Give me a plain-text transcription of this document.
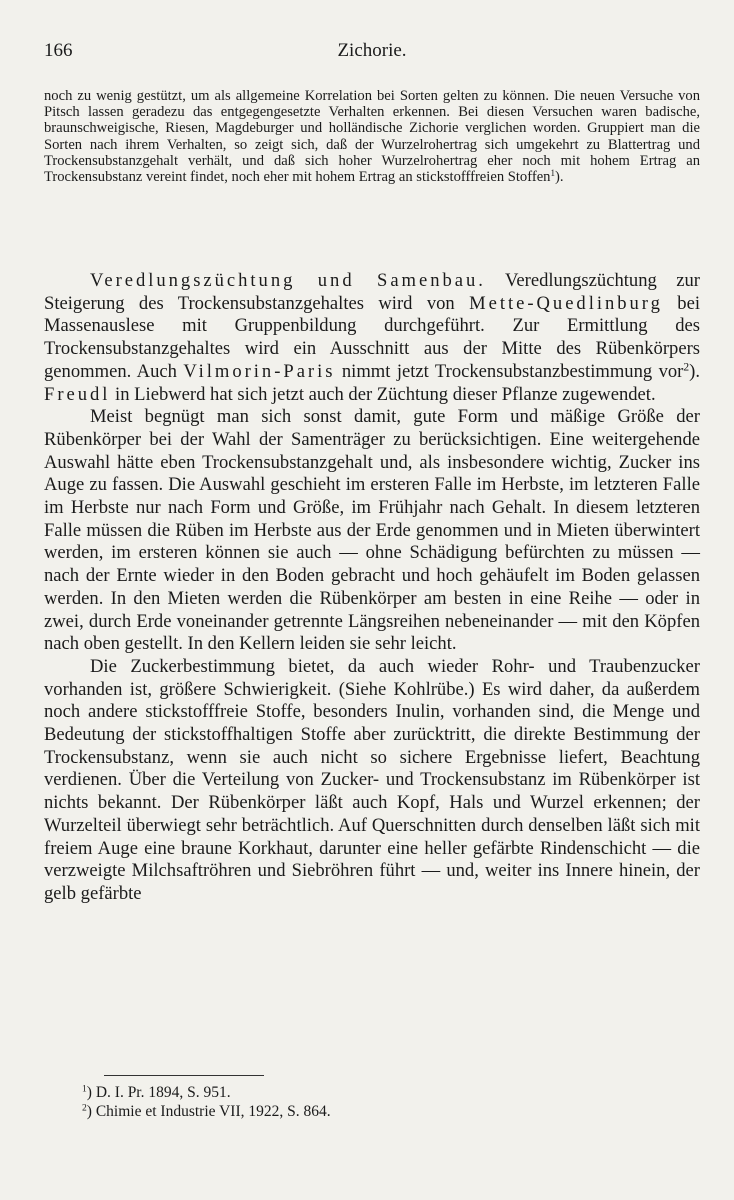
166	Zichorie.

noch zu wenig gestützt, um als allgemeine Korrelation bei Sorten gelten zu können. Die neuen Versuche von Pitsch lassen geradezu das entgegengesetzte Verhalten erkennen. Bei diesen Versuchen waren badische, braunschweigische, Riesen, Magdeburger und holländische Zichorie verglichen worden. Gruppiert man die Sorten nach ihrem Verhalten, so zeigt sich, daß der Wurzelrohertrag sich umgekehrt zu Blattertrag und Trockensubstanzgehalt verhält, und daß sich hoher Wurzelrohertrag eher noch mit hohem Ertrag an Trockensubstanz vereint findet, noch eher mit hohem Ertrag an stickstofffreien Stoffen$^1$).

Veredlungszüchtung und Samenbau. Veredlungszüchtung zur Steigerung des Trockensubstanzgehaltes wird von Mette-Quedlinburg bei Massenauslese mit Gruppenbildung durchgeführt. Zur Ermittlung des Trockensubstanzgehaltes wird ein Ausschnitt aus der Mitte des Rübenkörpers genommen. Auch Vilmorin-Paris nimmt jetzt Trockensubstanzbestimmung vor$^2$). Freudl in Liebwerd hat sich jetzt auch der Züchtung dieser Pflanze zugewendet.

Meist begnügt man sich sonst damit, gute Form und mäßige Größe der Rübenkörper bei der Wahl der Samenträger zu berücksichtigen. Eine weitergehende Auswahl hätte eben Trockensubstanzgehalt und, als insbesondere wichtig, Zucker ins Auge zu fassen. Die Auswahl geschieht im ersteren Falle im Herbste, im letzteren Falle im Herbste nur nach Form und Größe, im Frühjahr nach Gehalt. In diesem letzteren Falle müssen die Rüben im Herbste aus der Erde genommen und in Mieten überwintert werden, im ersteren können sie auch — ohne Schädigung befürchten zu müssen — nach der Ernte wieder in den Boden gebracht und hoch gehäufelt im Boden gelassen werden. In den Mieten werden die Rübenkörper am besten in eine Reihe — oder in zwei, durch Erde voneinander getrennte Längsreihen nebeneinander — mit den Köpfen nach oben gestellt. In den Kellern leiden sie sehr leicht.

Die Zuckerbestimmung bietet, da auch wieder Rohr- und Traubenzucker vorhanden ist, größere Schwierigkeit. (Siehe Kohlrübe.) Es wird daher, da außerdem noch andere stickstofffreie Stoffe, besonders Inulin, vorhanden sind, die Menge und Bedeutung der stickstoffhaltigen Stoffe aber zurücktritt, die direkte Bestimmung der Trockensubstanz, wenn sie auch nicht so sichere Ergebnisse liefert, Beachtung verdienen. Über die Verteilung von Zucker- und Trockensubstanz im Rübenkörper ist nichts bekannt. Der Rübenkörper läßt auch Kopf, Hals und Wurzel erkennen; der Wurzelteil überwiegt sehr beträchtlich. Auf Querschnitten durch denselben läßt sich mit freiem Auge eine braune Korkhaut, darunter eine heller gefärbte Rindenschicht — die verzweigte Milchsaftröhren und Siebröhren führt — und, weiter ins Innere hinein, der gelb gefärbte

$^1$) D. I. Pr. 1894, S. 951.

$^2$) Chimie et Industrie VII, 1922, S. 864.
